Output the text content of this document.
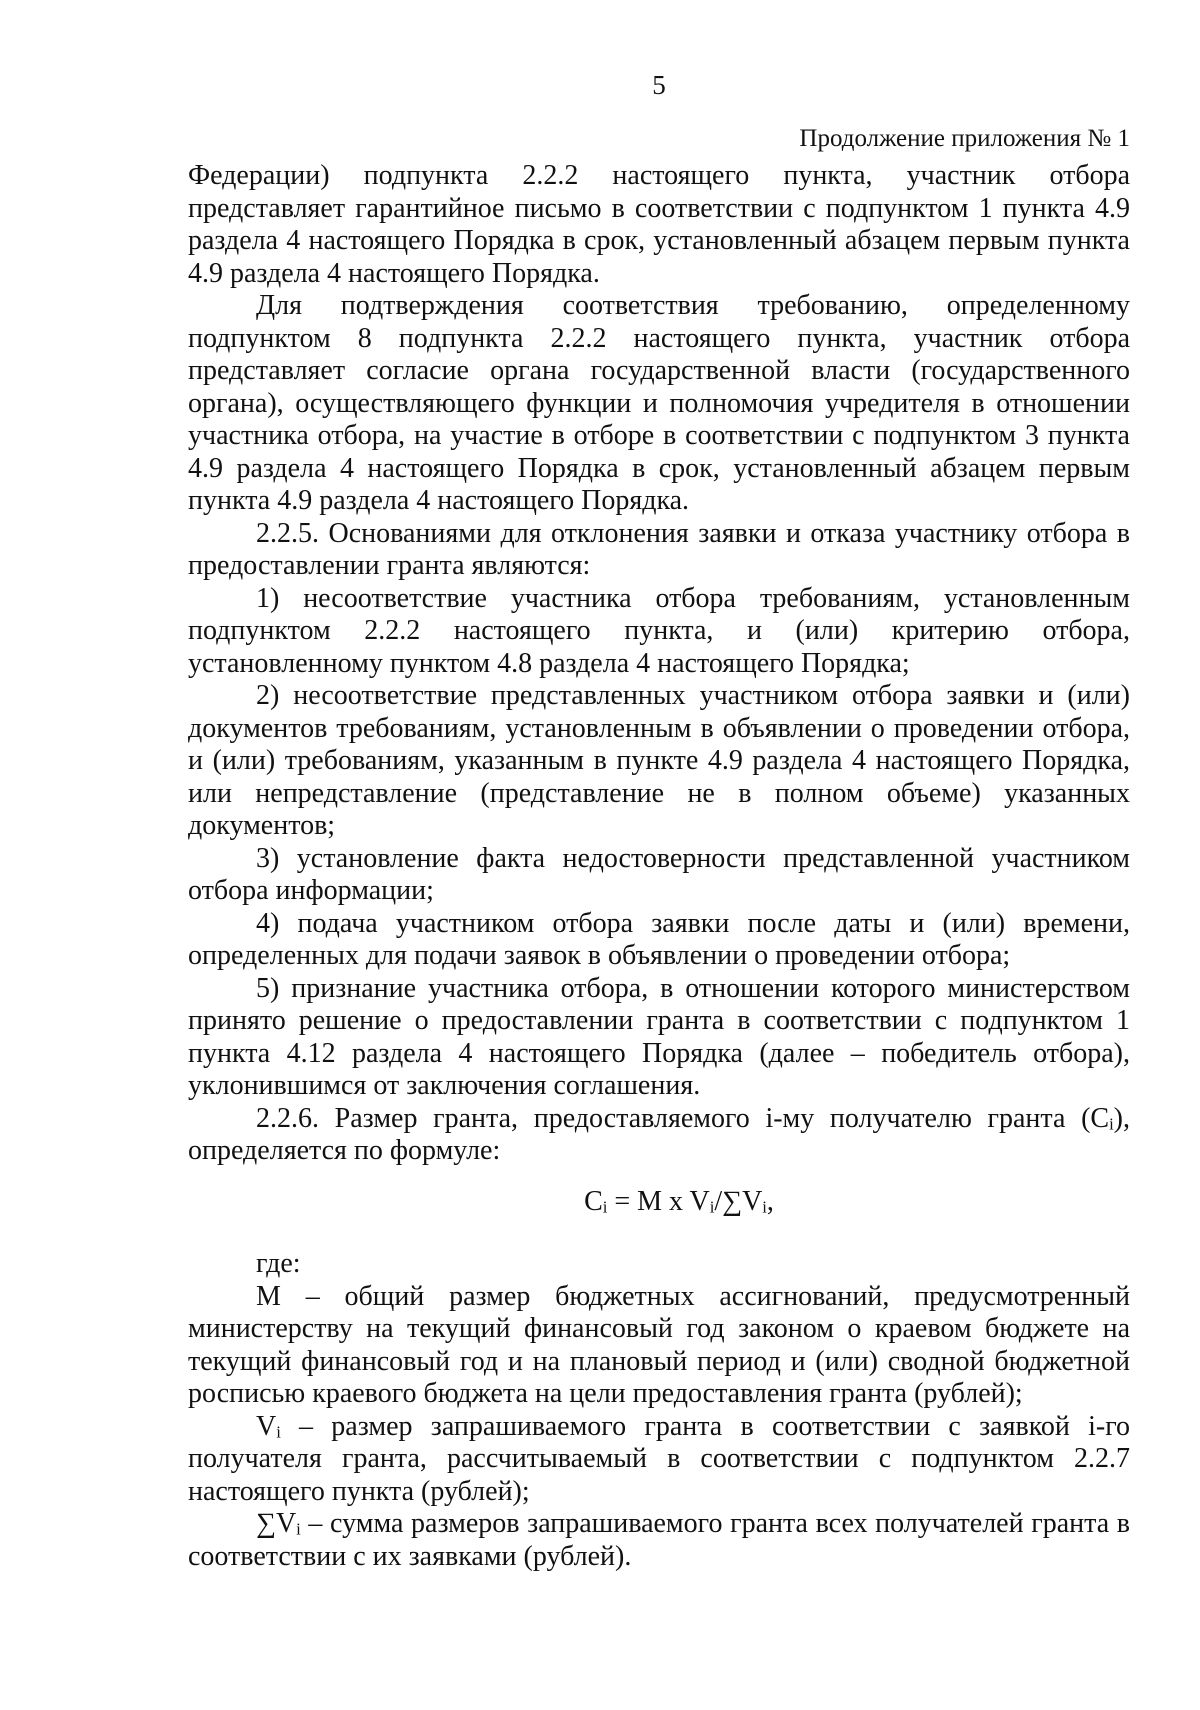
5
Продолжение приложения № 1

Федерации) подпункта 2.2.2 настоящего пункта, участник отбора представляет гарантийное письмо в соответствии с подпунктом 1 пункта 4.9 раздела 4 настоящего Порядка в срок, установленный абзацем первым пункта 4.9 раздела 4 настоящего Порядка.

Для подтверждения соответствия требованию, определенному подпунктом 8 подпункта 2.2.2 настоящего пункта, участник отбора представляет согласие органа государственной власти (государственного органа), осуществляющего функции и полномочия учредителя в отношении участника отбора, на участие в отборе в соответствии с подпунктом 3 пункта 4.9 раздела 4 настоящего Порядка в срок, установленный абзацем первым пункта 4.9 раздела 4 настоящего Порядка.

2.2.5. Основаниями для отклонения заявки и отказа участнику отбора в предоставлении гранта являются:

1) несоответствие участника отбора требованиям, установленным подпунктом 2.2.2 настоящего пункта, и (или) критерию отбора, установленному пунктом 4.8 раздела 4 настоящего Порядка;

2) несоответствие представленных участником отбора заявки и (или) документов требованиям, установленным в объявлении о проведении отбора, и (или) требованиям, указанным в пункте 4.9 раздела 4 настоящего Порядка, или непредставление (представление не в полном объеме) указанных документов;

3) установление факта недостоверности представленной участником отбора информации;

4) подача участником отбора заявки после даты и (или) времени, определенных для подачи заявок в объявлении о проведении отбора;

5) признание участника отбора, в отношении которого министерством принято решение о предоставлении гранта в соответствии с подпунктом 1 пункта 4.12 раздела 4 настоящего Порядка (далее – победитель отбора), уклонившимся от заключения соглашения.

2.2.6. Размер гранта, предоставляемого i-му получателю гранта (Cᵢ), определяется по формуле:

Cᵢ = M x Vᵢ/∑Vᵢ,

где:

M – общий размер бюджетных ассигнований, предусмотренный министерству на текущий финансовый год законом о краевом бюджете на текущий финансовый год и на плановый период и (или) сводной бюджетной росписью краевого бюджета на цели предоставления гранта (рублей);

Vᵢ – размер запрашиваемого гранта в соответствии с заявкой i-го получателя гранта, рассчитываемый в соответствии с подпунктом 2.2.7 настоящего пункта (рублей);

∑Vᵢ – сумма размеров запрашиваемого гранта всех получателей гранта в соответствии с их заявками (рублей).
